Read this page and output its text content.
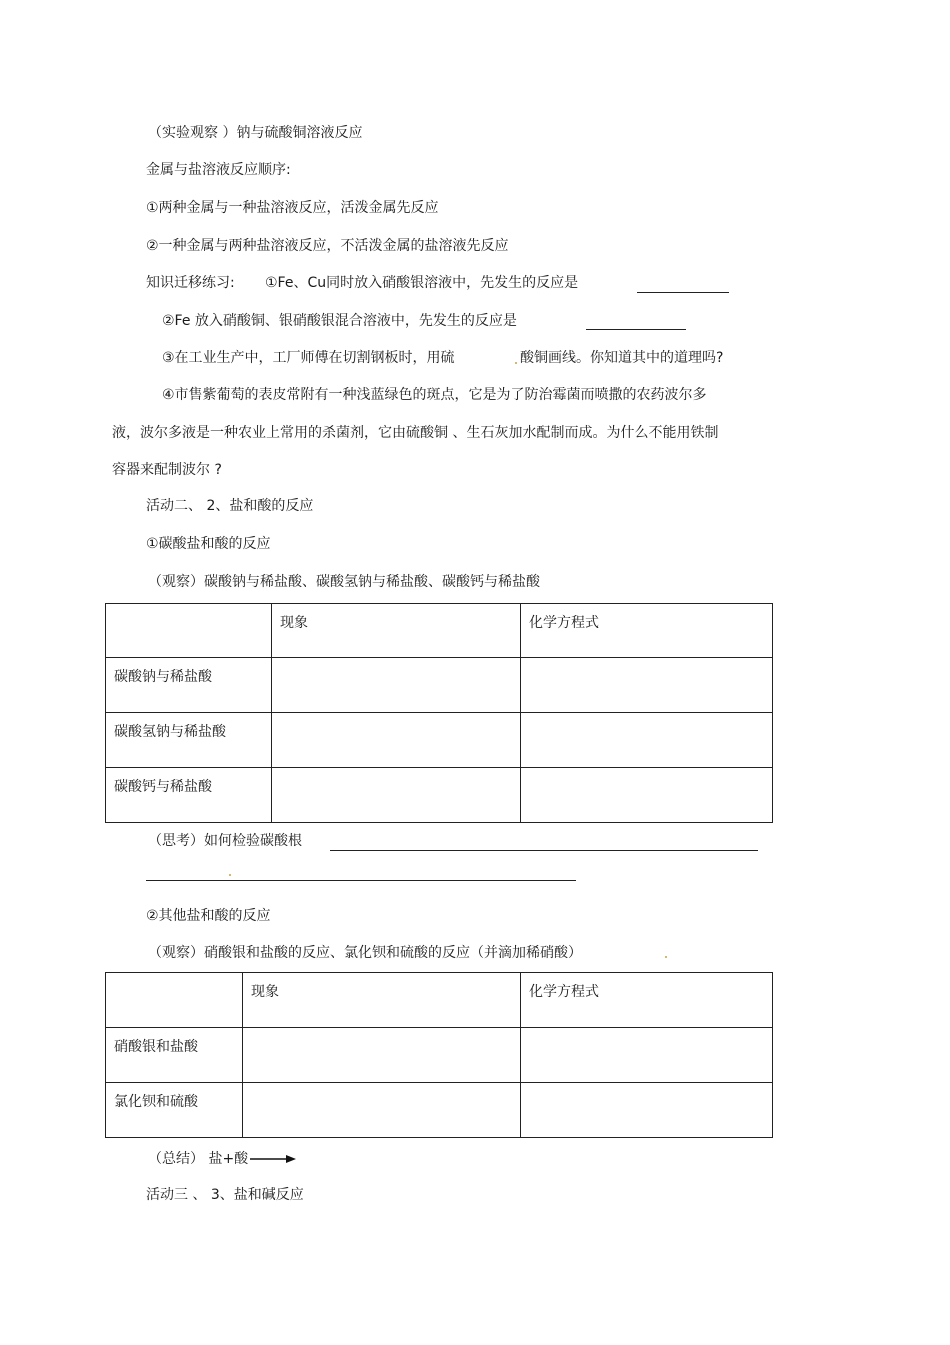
（实验观察 ）钠与硫酸铜溶液反应
金属与盐溶液反应顺序:
①两种金属与一种盐溶液反应，活泼金属先反应
②一种金属与两种盐溶液反应，不活泼金属的盐溶液先反应
知识迁移练习: ①Fe、Cu同时放入硝酸银溶液中，先发生的反应是
②Fe 放入硝酸铜、银硝酸银混合溶液中，先发生的反应是
③在工业生产中，工厂师傅在切割钢板时，用硫	酸铜画线。你知道其中的道理吗?
④市售紫葡萄的表皮常附有一种浅蓝绿色的斑点，它是为了防治霉菌而喷撒的农药波尔多
液，波尔多液是一种农业上常用的杀菌剂，它由硫酸铜 、生石灰加水配制而成。为什么不能用铁制
容器来配制波尔 ?
活动二、 2、盐和酸的反应
①碳酸盐和酸的反应
（观察）碳酸钠与稀盐酸、碳酸氢钠与稀盐酸、碳酸钙与稀盐酸
	现象	化学方程式
碳酸钠与稀盐酸		
碳酸氢钠与稀盐酸		
碳酸钙与稀盐酸		
（思考）如何检验碳酸根
②其他盐和酸的反应
（观察）硝酸银和盐酸的反应、氯化钡和硫酸的反应（并滴加稀硝酸）
	现象	化学方程式
硝酸银和盐酸		
氯化钡和硫酸		
（总结） 盐+酸
活动三 、 3、盐和碱反应
